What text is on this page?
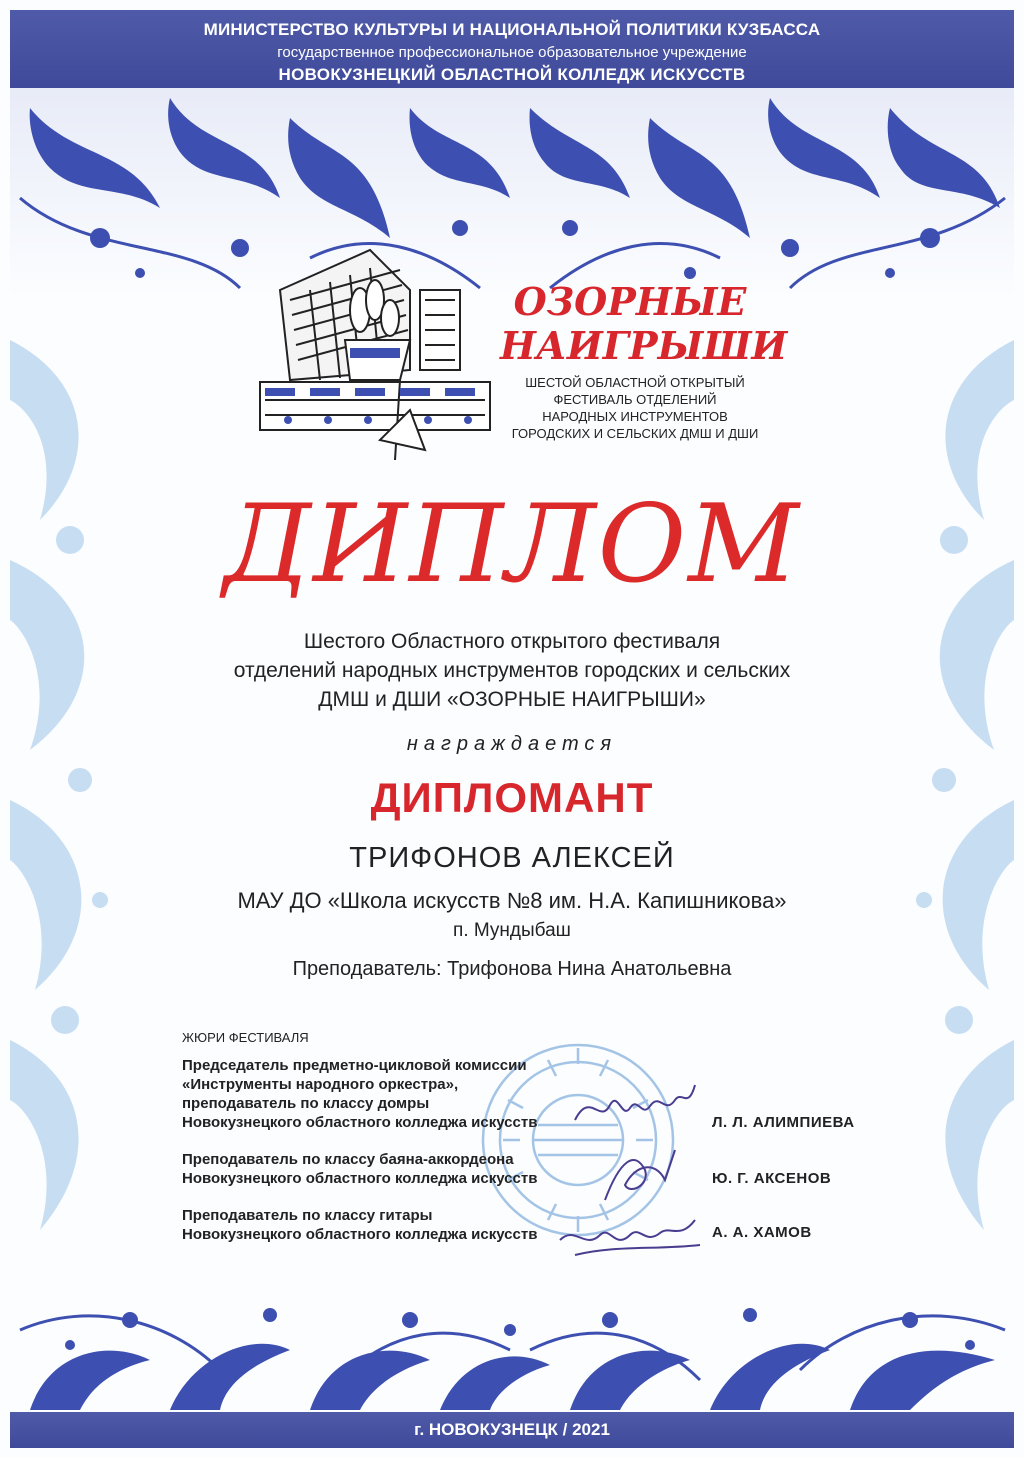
МИНИСТЕРСТВО КУЛЬТУРЫ И НАЦИОНАЛЬНОЙ ПОЛИТИКИ КУЗБАССА
государственное профессиональное образовательное учреждение
НОВОКУЗНЕЦКИЙ ОБЛАСТНОЙ КОЛЛЕДЖ ИСКУССТВ
ОЗОРНЫЕ
НАИГРЫШИ
ШЕСТОЙ ОБЛАСТНОЙ ОТКРЫТЫЙ
ФЕСТИВАЛЬ ОТДЕЛЕНИЙ
НАРОДНЫХ ИНСТРУМЕНТОВ
ГОРОДСКИХ И СЕЛЬСКИХ ДМШ И ДШИ
ДИПЛОМ
Шестого Областного открытого фестиваля
отделений народных инструментов городских и сельских
ДМШ и ДШИ «ОЗОРНЫЕ НАИГРЫШИ»
награждается
ДИПЛОМАНТ
ТРИФОНОВ АЛЕКСЕЙ
МАУ ДО «Школа искусств №8 им. Н.А. Капишникова»
п. Мундыбаш
Преподаватель: Трифонова Нина Анатольевна
ЖЮРИ ФЕСТИВАЛЯ
Председатель предметно-цикловой комиссии
«Инструменты народного оркестра»,
преподаватель по классу домры
Новокузнецкого областного колледжа искусств	Л. Л. АЛИМПИЕВА
Преподаватель по классу баяна-аккордеона
Новокузнецкого областного колледжа искусств	Ю. Г. АКСЕНОВ
Преподаватель по классу гитары
Новокузнецкого областного колледжа искусств	А. А. ХАМОВ
г. НОВОКУЗНЕЦК / 2021
